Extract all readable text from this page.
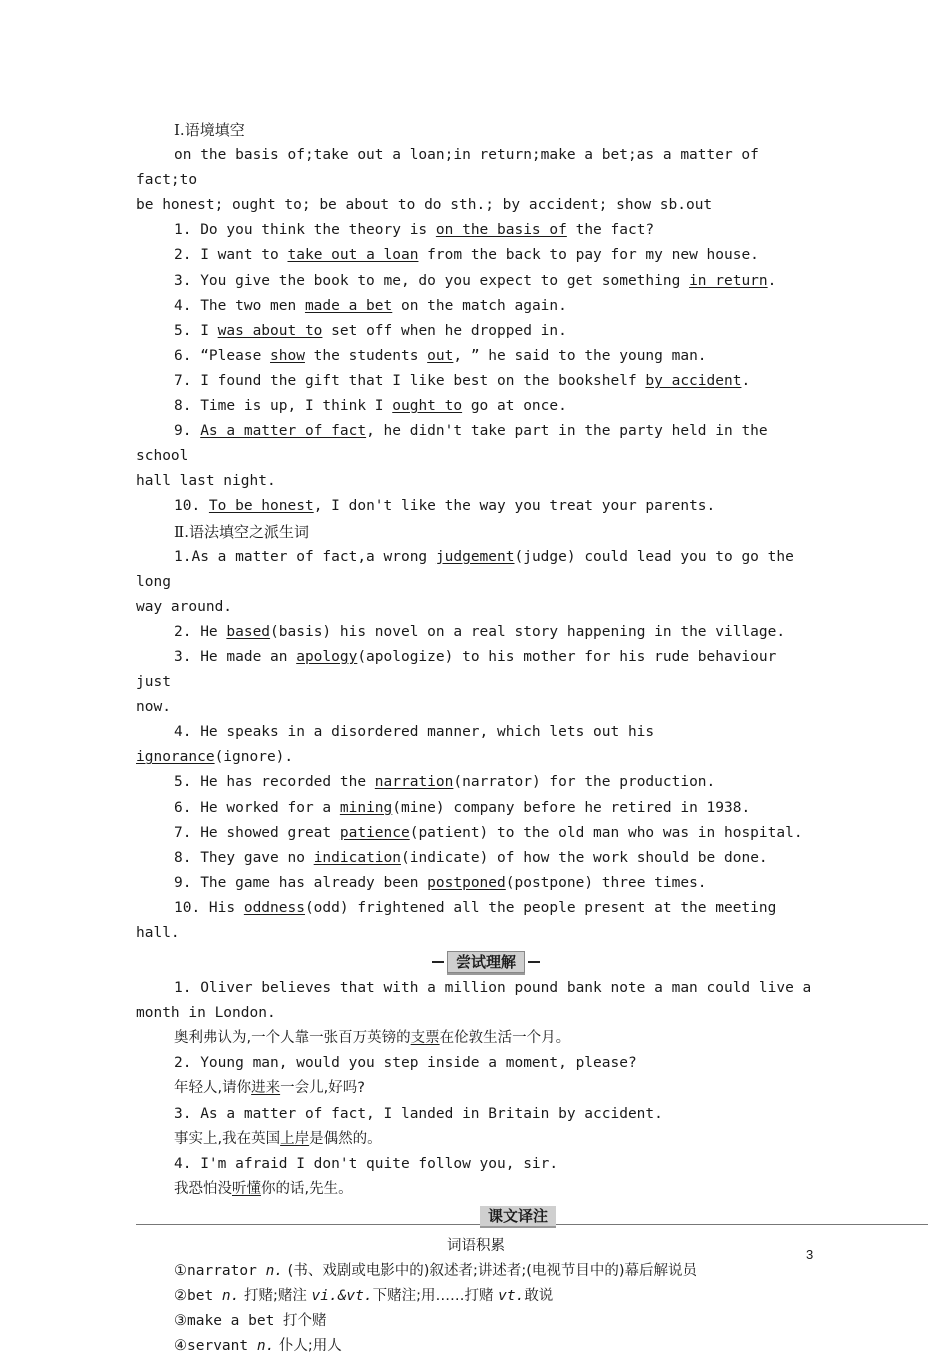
Ⅰ.语境填空
on the basis of;take out a loan;in return;make a bet;as a matter of fact;to
be honest; ought to; be about to do sth.; by accident; show sb.out
1. Do you think the theory is on the basis of the fact?
2. I want to take out a loan from the back to pay for my new house.
3. You give the book to me, do you expect to get something in return.
4. The two men made a bet on the match again.
5. I was about to set off when he dropped in.
6. “Please show the students out, ” he said to the young man.
7. I found the gift that I like best on the bookshelf by accident.
8. Time is up, I think I ought to go at once.
9. As a matter of fact, he didn't take part in the party held in the school
hall last night.
10. To be honest, I don't like the way you treat your parents.
Ⅱ.语法填空之派生词
1.As a matter of fact,a wrong judgement(judge) could lead you to go the long
way around.
2. He based(basis) his novel on a real story happening in the village.
3. He made an apology(apologize) to his mother for his rude behaviour just
now.
4. He speaks in a disordered manner, which lets out his ignorance(ignore).
5. He has recorded the narration(narrator) for the production.
6. He worked for a mining(mine) company before he retired in 1938.
7. He showed great patience(patient) to the old man who was in hospital.
8. They gave no indication(indicate) of how the work should be done.
9. The game has already been postponed(postpone) three times.
10. His oddness(odd) frightened all the people present at the meeting hall.
尝试理解
1. Oliver believes that with a million pound bank note a man could live a
month in London.
奥利弗认为,一个人靠一张百万英镑的支票在伦敦生活一个月。
2. Young man, would you step inside a moment, please?
年轻人,请你进来一会儿,好吗?
3. As a matter of fact, I landed in Britain by accident.
事实上,我在英国上岸是偶然的。
4. I'm afraid I don't quite follow you, sir.
我恐怕没听懂你的话,先生。
课文译注
词语积累
①narrator n. (书、戏剧或电影中的)叙述者;讲述者;(电视节目中的)幕后解说员
②bet n. 打赌;赌注 vi.&vt.下赌注;用……打赌 vt.敢说
③make a bet 打个赌
④servant n. 仆人;用人
3
